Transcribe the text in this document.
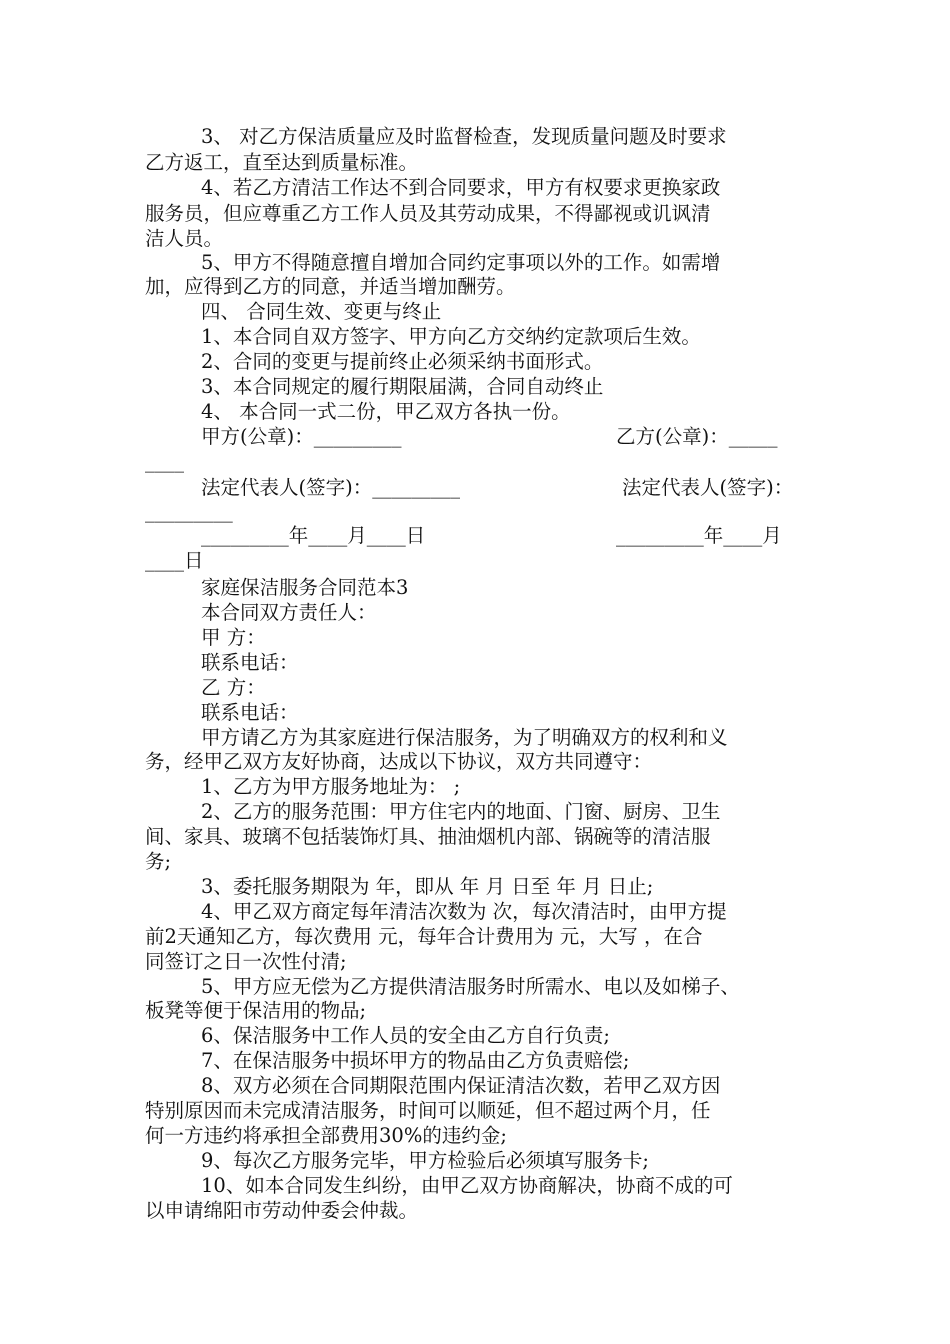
3、 对乙方保洁质量应及时监督检查，发现质量问题及时要求
乙方返工，直至达到质量标准。
4、若乙方清洁工作达不到合同要求，甲方有权要求更换家政
服务员，但应尊重乙方工作人员及其劳动成果，不得鄙视或讥讽清
洁人员。
5、甲方不得随意擅自增加合同约定事项以外的工作。如需增
加，应得到乙方的同意，并适当增加酬劳。
四、 合同生效、变更与终止
1、本合同自双方签字、甲方向乙方交纳约定款项后生效。
2、合同的变更与提前终止必须采纳书面形式。
3、本合同规定的履行期限届满，合同自动终止
4、 本合同一式二份，甲乙双方各执一份。
甲方(公章)：_________	乙方(公章)：_____
____
法定代表人(签字)：_________	法定代表人(签字)：
_________
_________年____月____日	_________年____月
____日
家庭保洁服务合同范本3
本合同双方责任人：
甲 方：
联系电话：
乙 方：
联系电话：
甲方请乙方为其家庭进行保洁服务，为了明确双方的权利和义
务，经甲乙双方友好协商，达成以下协议，双方共同遵守：
1、乙方为甲方服务地址为： ;
2、乙方的服务范围：甲方住宅内的地面、门窗、厨房、卫生
间、家具、玻璃不包括装饰灯具、抽油烟机内部、锅碗等的清洁服
务;
3、委托服务期限为 年，即从 年 月 日至 年 月 日止;
4、甲乙双方商定每年清洁次数为 次，每次清洁时，由甲方提
前2天通知乙方，每次费用 元，每年合计费用为 元，大写 ，在合
同签订之日一次性付清;
5、甲方应无偿为乙方提供清洁服务时所需水、电以及如梯子、
板凳等便于保洁用的物品;
6、保洁服务中工作人员的安全由乙方自行负责;
7、在保洁服务中损坏甲方的物品由乙方负责赔偿;
8、双方必须在合同期限范围内保证清洁次数，若甲乙双方因
特别原因而未完成清洁服务，时间可以顺延，但不超过两个月，任
何一方违约将承担全部费用30%的违约金;
9、每次乙方服务完毕，甲方检验后必须填写服务卡;
10、如本合同发生纠纷，由甲乙双方协商解决，协商不成的可
以申请绵阳市劳动仲委会仲裁。
